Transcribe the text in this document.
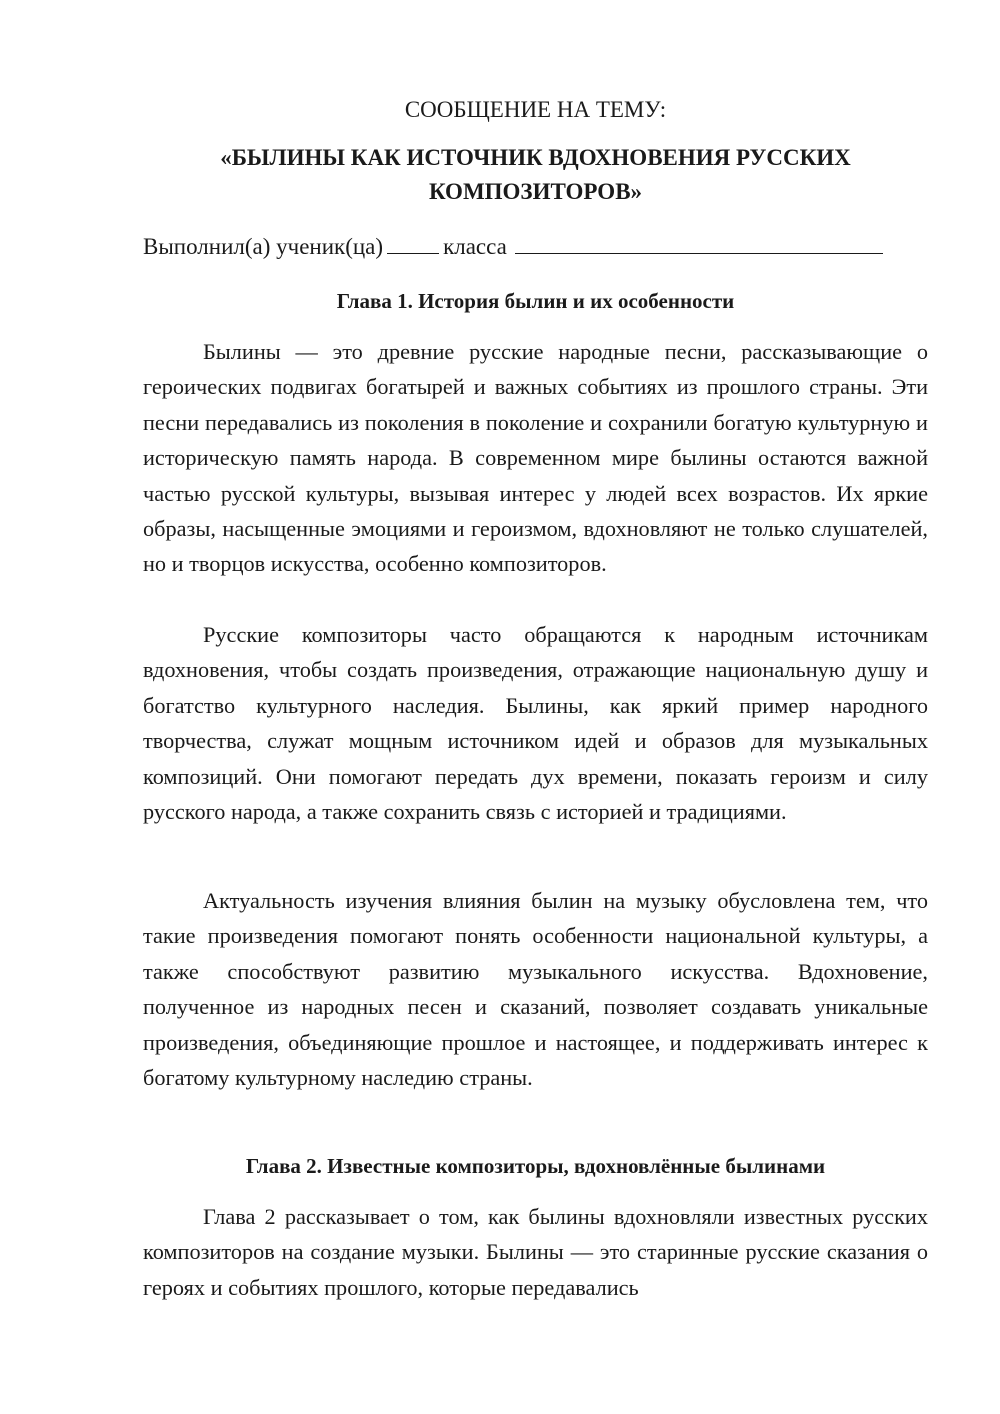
СООБЩЕНИЕ НА ТЕМУ:
«БЫЛИНЫ КАК ИСТОЧНИК ВДОХНОВЕНИЯ РУССКИХ КОМПОЗИТОРОВ»
Выполнил(а) ученик(ца)	класса
Глава 1. История былин и их особенности

Былины — это древние русские народные песни, рассказывающие о героических подвигах богатырей и важных событиях из прошлого страны. Эти песни передавались из поколения в поколение и сохранили богатую культурную и историческую память народа. В современном мире былины остаются важной частью русской культуры, вызывая интерес у людей всех возрастов. Их яркие образы, насыщенные эмоциями и героизмом, вдохновляют не только слушателей, но и творцов искусства, особенно композиторов.

Русские композиторы часто обращаются к народным источникам вдохновения, чтобы создать произведения, отражающие национальную душу и богатство культурного наследия. Былины, как яркий пример народного творчества, служат мощным источником идей и образов для музыкальных композиций. Они помогают передать дух времени, показать героизм и силу русского народа, а также сохранить связь с историей и традициями.

Актуальность изучения влияния былин на музыку обусловлена тем, что такие произведения помогают понять особенности национальной культуры, а также способствуют развитию музыкального искусства. Вдохновение, полученное из народных песен и сказаний, позволяет создавать уникальные произведения, объединяющие прошлое и настоящее, и поддерживать интерес к богатому культурному наследию страны.

Глава 2. Известные композиторы, вдохновлённые былинами

Глава 2 рассказывает о том, как былины вдохновляли известных русских композиторов на создание музыки. Былины — это старинные русские сказания о героях и событиях прошлого, которые передавались
